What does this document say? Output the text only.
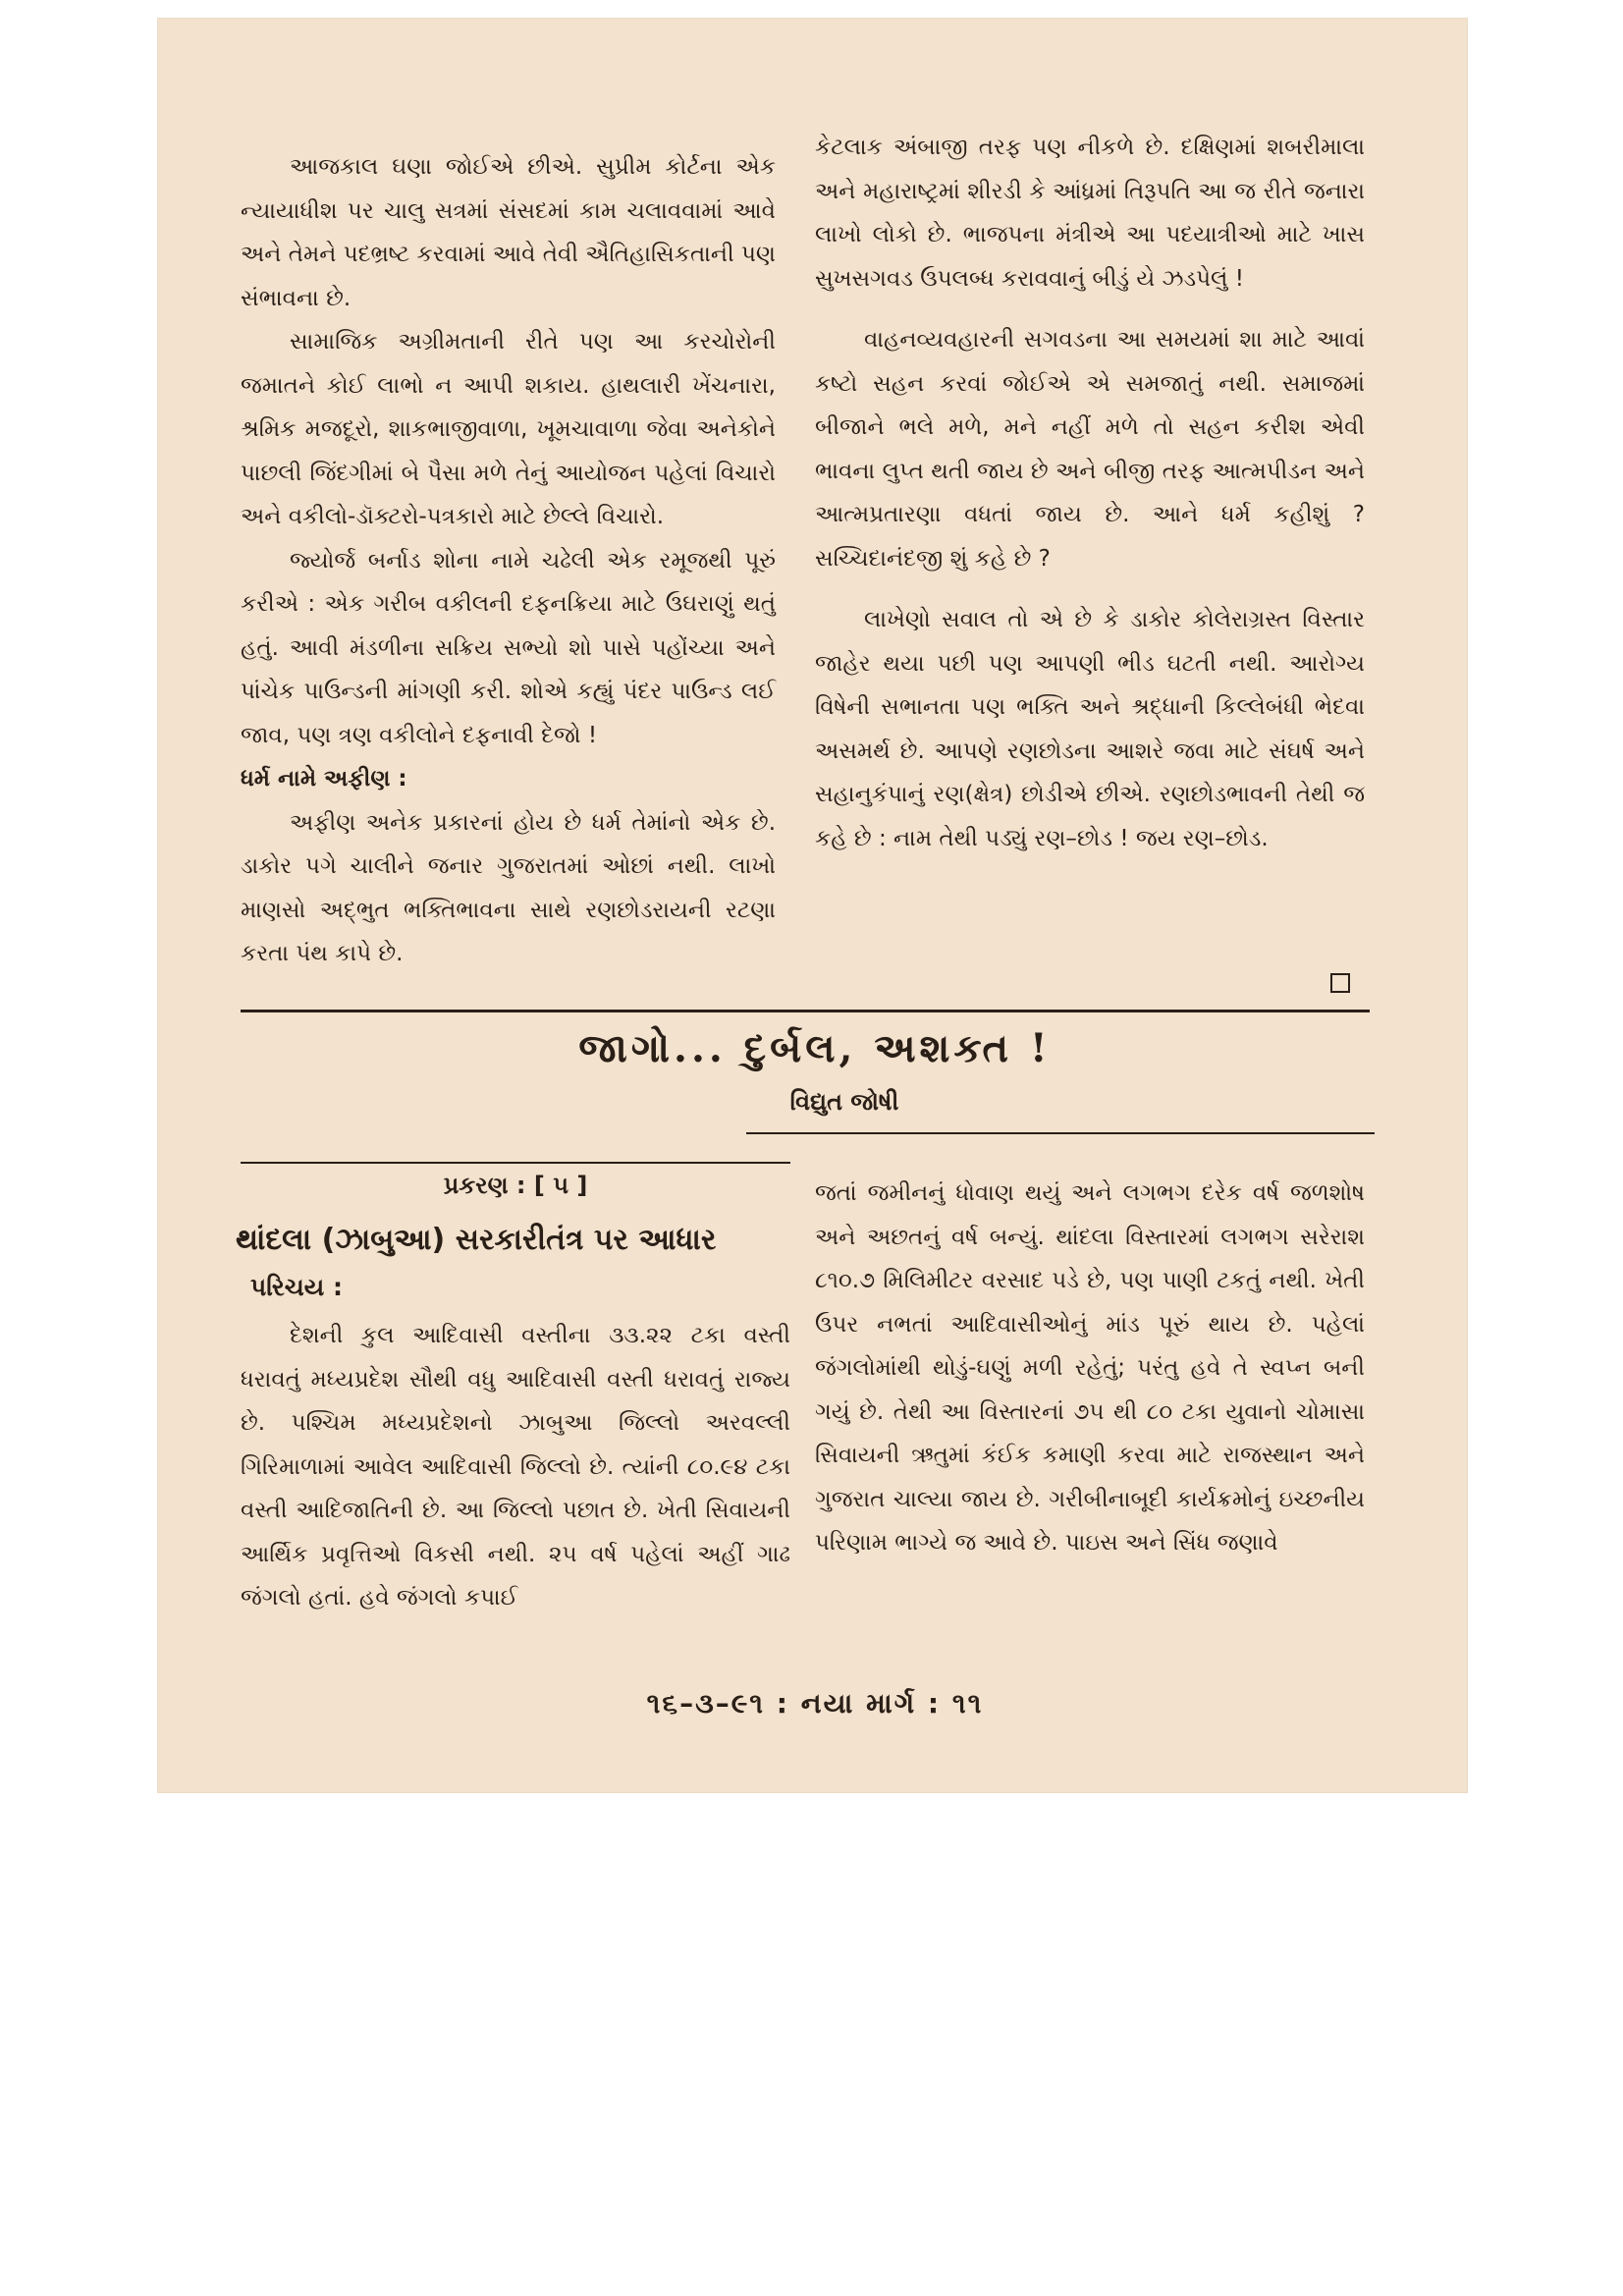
આજકાલ ઘણા જોઈએ છીએ. સુપ્રીમ કોર્ટના એક ન્યાયાધીશ પર ચાલુ સત્રમાં સંસદમાં કામ ચલાવવામાં આવે અને તેમને પદભ્રષ્ટ કરવામાં આવે તેવી ઐતિહાસિકતાની પણ સંભાવના છે.

સામાજિક અગ્રીમતાની રીતે પણ આ કરચોરોની જમાતને કોઈ લાભો ન આપી શકાય. હાથલારી ખેંચનારા, શ્રમિક મજદૂરો, શાકભાજીવાળા, ખૂમચાવાળા જેવા અનેકોને પાછલી જિંદગીમાં બે પૈસા મળે તેનું આયોજન પહેલાં વિચારો અને વકીલો-ડૉક્ટરો-પત્રકારો માટે છેલ્લે વિચારો.

જ્યોર્જ બર્નાડ શોના નામે ચઢેલી એક રમૂજથી પૂરું કરીએ : એક ગરીબ વકીલની દફનક્રિયા માટે ઉઘરાણું થતું હતું. આવી મંડળીના સક્રિય સભ્યો શો પાસે પહોંચ્યા અને પાંચેક પાઉન્ડની માંગણી કરી. શોએ કહ્યું પંદર પાઉન્ડ લઈ જાવ, પણ ત્રણ વકીલોને દફનાવી દેજો !

ધર્મ નામે અફીણ :

અફીણ અનેક પ્રકારનાં હોય છે ધર્મ તેમાંનો એક છે. ડાકોર પગે ચાલીને જનાર ગુજરાતમાં ઓછાં નથી. લાખો માણસો અદ્ભુત ભક્તિભાવના સાથે રણછોડરાયની રટણા કરતા પંથ કાપે છે.

કેટલાક અંબાજી તરફ પણ નીકળે છે. દક્ષિણમાં શબરીમાલા અને મહારાષ્ટ્રમાં શીરડી કે આંધ્રમાં તિરૂપતિ આ જ રીતે જનારા લાખો લોકો છે. ભાજપના મંત્રીએ આ પદયાત્રીઓ માટે ખાસ સુખસગવડ ઉપલબ્ધ કરાવવાનું બીડું યે ઝડપેલું !

વાહનવ્યવહારની સગવડના આ સમયમાં શા માટે આવાં કષ્ટો સહન કરવાં જોઈએ એ સમજાતું નથી. સમાજમાં બીજાને ભલે મળે, મને નહીં મળે તો સહન કરીશ એવી ભાવના લુપ્ત થતી જાય છે અને બીજી તરફ આત્મપીડન અને આત્મપ્રતારણા વધતાં જાય છે. આને ધર્મ કહીશું ? સચ્ચિદાનંદજી શું કહે છે ?

લાખેણો સવાલ તો એ છે કે ડાકોર કોલેરાગ્રસ્ત વિસ્તાર જાહેર થયા પછી પણ આપણી ભીડ ઘટતી નથી. આરોગ્ય વિષેની સભાનતા પણ ભક્તિ અને શ્રદ્ધાની કિલ્લેબંધી ભેદવા અસમર્થ છે. આપણે રણછોડના આશરે જવા માટે સંઘર્ષ અને સહાનુકંપાનું રણ(ક્ષેત્ર) છોડીએ છીએ. રણછોડભાવની તેથી જ કહે છે : નામ તેથી પડ્યું રણ–છોડ ! જય રણ–છોડ.

જાગો... દુર્બલ, અશક્ત !
વિદ્યુત જોષી
પ્રકરણ : [ ૫ ]
થાંદલા (ઝાબુઆ) સરકારીતંત્ર પર આધાર
પરિચય :

દેશની કુલ આદિવાસી વસ્તીના ૩૩.૨૨ ટકા વસ્તી ધરાવતું મધ્યપ્રદેશ સૌથી વધુ આદિવાસી વસ્તી ધરાવતું રાજ્ય છે. પશ્ચિમ મધ્યપ્રદેશનો ઝાબુઆ જિલ્લો અરવલ્લી ગિરિમાળામાં આવેલ આદિવાસી જિલ્લો છે. ત્યાંની ૮૦.૯૪ ટકા વસ્તી આદિજાતિની છે. આ જિલ્લો પછાત છે. ખેતી સિવાયની આર્થિક પ્રવૃત્તિઓ વિકસી નથી. ૨૫ વર્ષ પહેલાં અહીં ગાઢ જંગલો હતાં. હવે જંગલો કપાઈ

જતાં જમીનનું ધોવાણ થયું અને લગભગ દરેક વર્ષ જળશોષ અને અછતનું વર્ષ બન્યું. થાંદલા વિસ્તારમાં લગભગ સરેરાશ ૮૧૦.૭ મિલિમીટર વરસાદ પડે છે, પણ પાણી ટકતું નથી. ખેતી ઉપર નભતાં આદિવાસીઓનું માંડ પૂરું થાય છે. પહેલાં જંગલોમાંથી થોડું-ઘણું મળી રહેતું; પરંતુ હવે તે સ્વપ્ન બની ગયું છે. તેથી આ વિસ્તારનાં ૭૫ થી ૮૦ ટકા યુવાનો ચોમાસા સિવાયની ઋતુમાં કંઈક કમાણી કરવા માટે રાજસ્થાન અને ગુજરાત ચાલ્યા જાય છે. ગરીબીનાબૂદી કાર્યક્રમોનું ઇચ્છનીય પરિણામ ભાગ્યે જ આવે છે. પાઇસ અને સિંધ જણાવે

૧૬–૩–૯૧ : નયા માર્ગ : ૧૧
